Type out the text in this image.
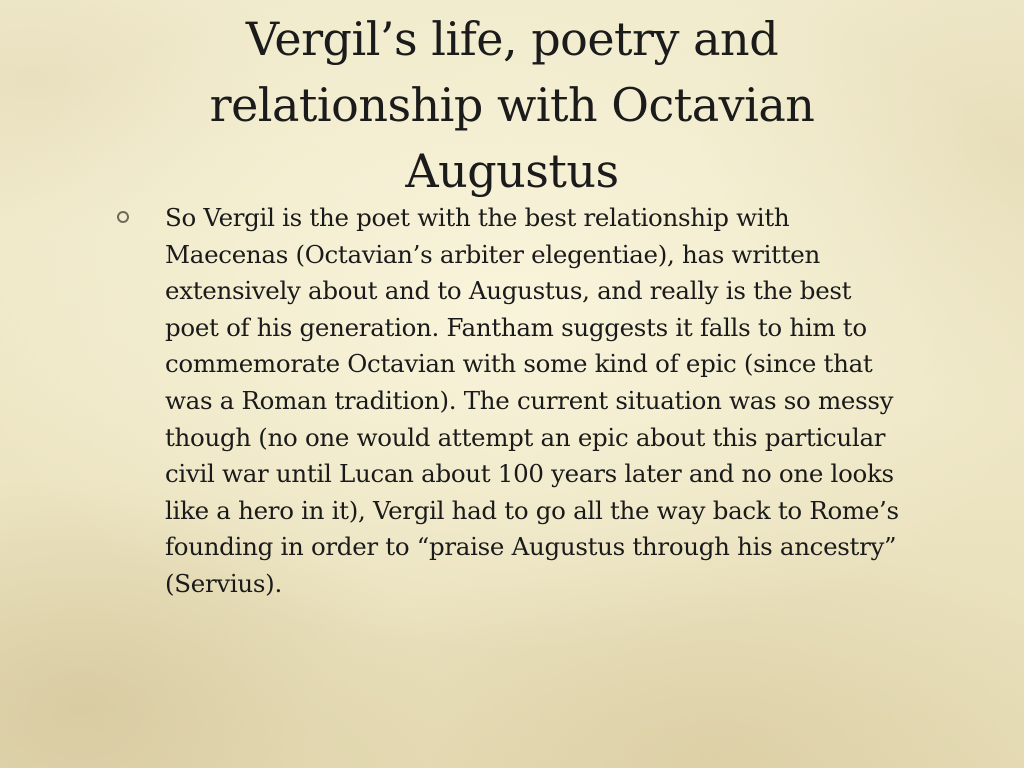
Vergil’s life, poetry and relationship with Octavian Augustus
So Vergil is the poet with the best relationship with Maecenas (Octavian’s arbiter elegentiae), has written extensively about and to Augustus, and really is the best poet of his generation. Fantham suggests it falls to him to commemorate Octavian with some kind of epic (since that was a Roman tradition). The current situation was so messy though (no one would attempt an epic about this particular civil war until Lucan about 100 years later and no one looks like a hero in it), Vergil had to go all the way back to Rome’s founding in order to “praise Augustus through his ancestry” (Servius).
